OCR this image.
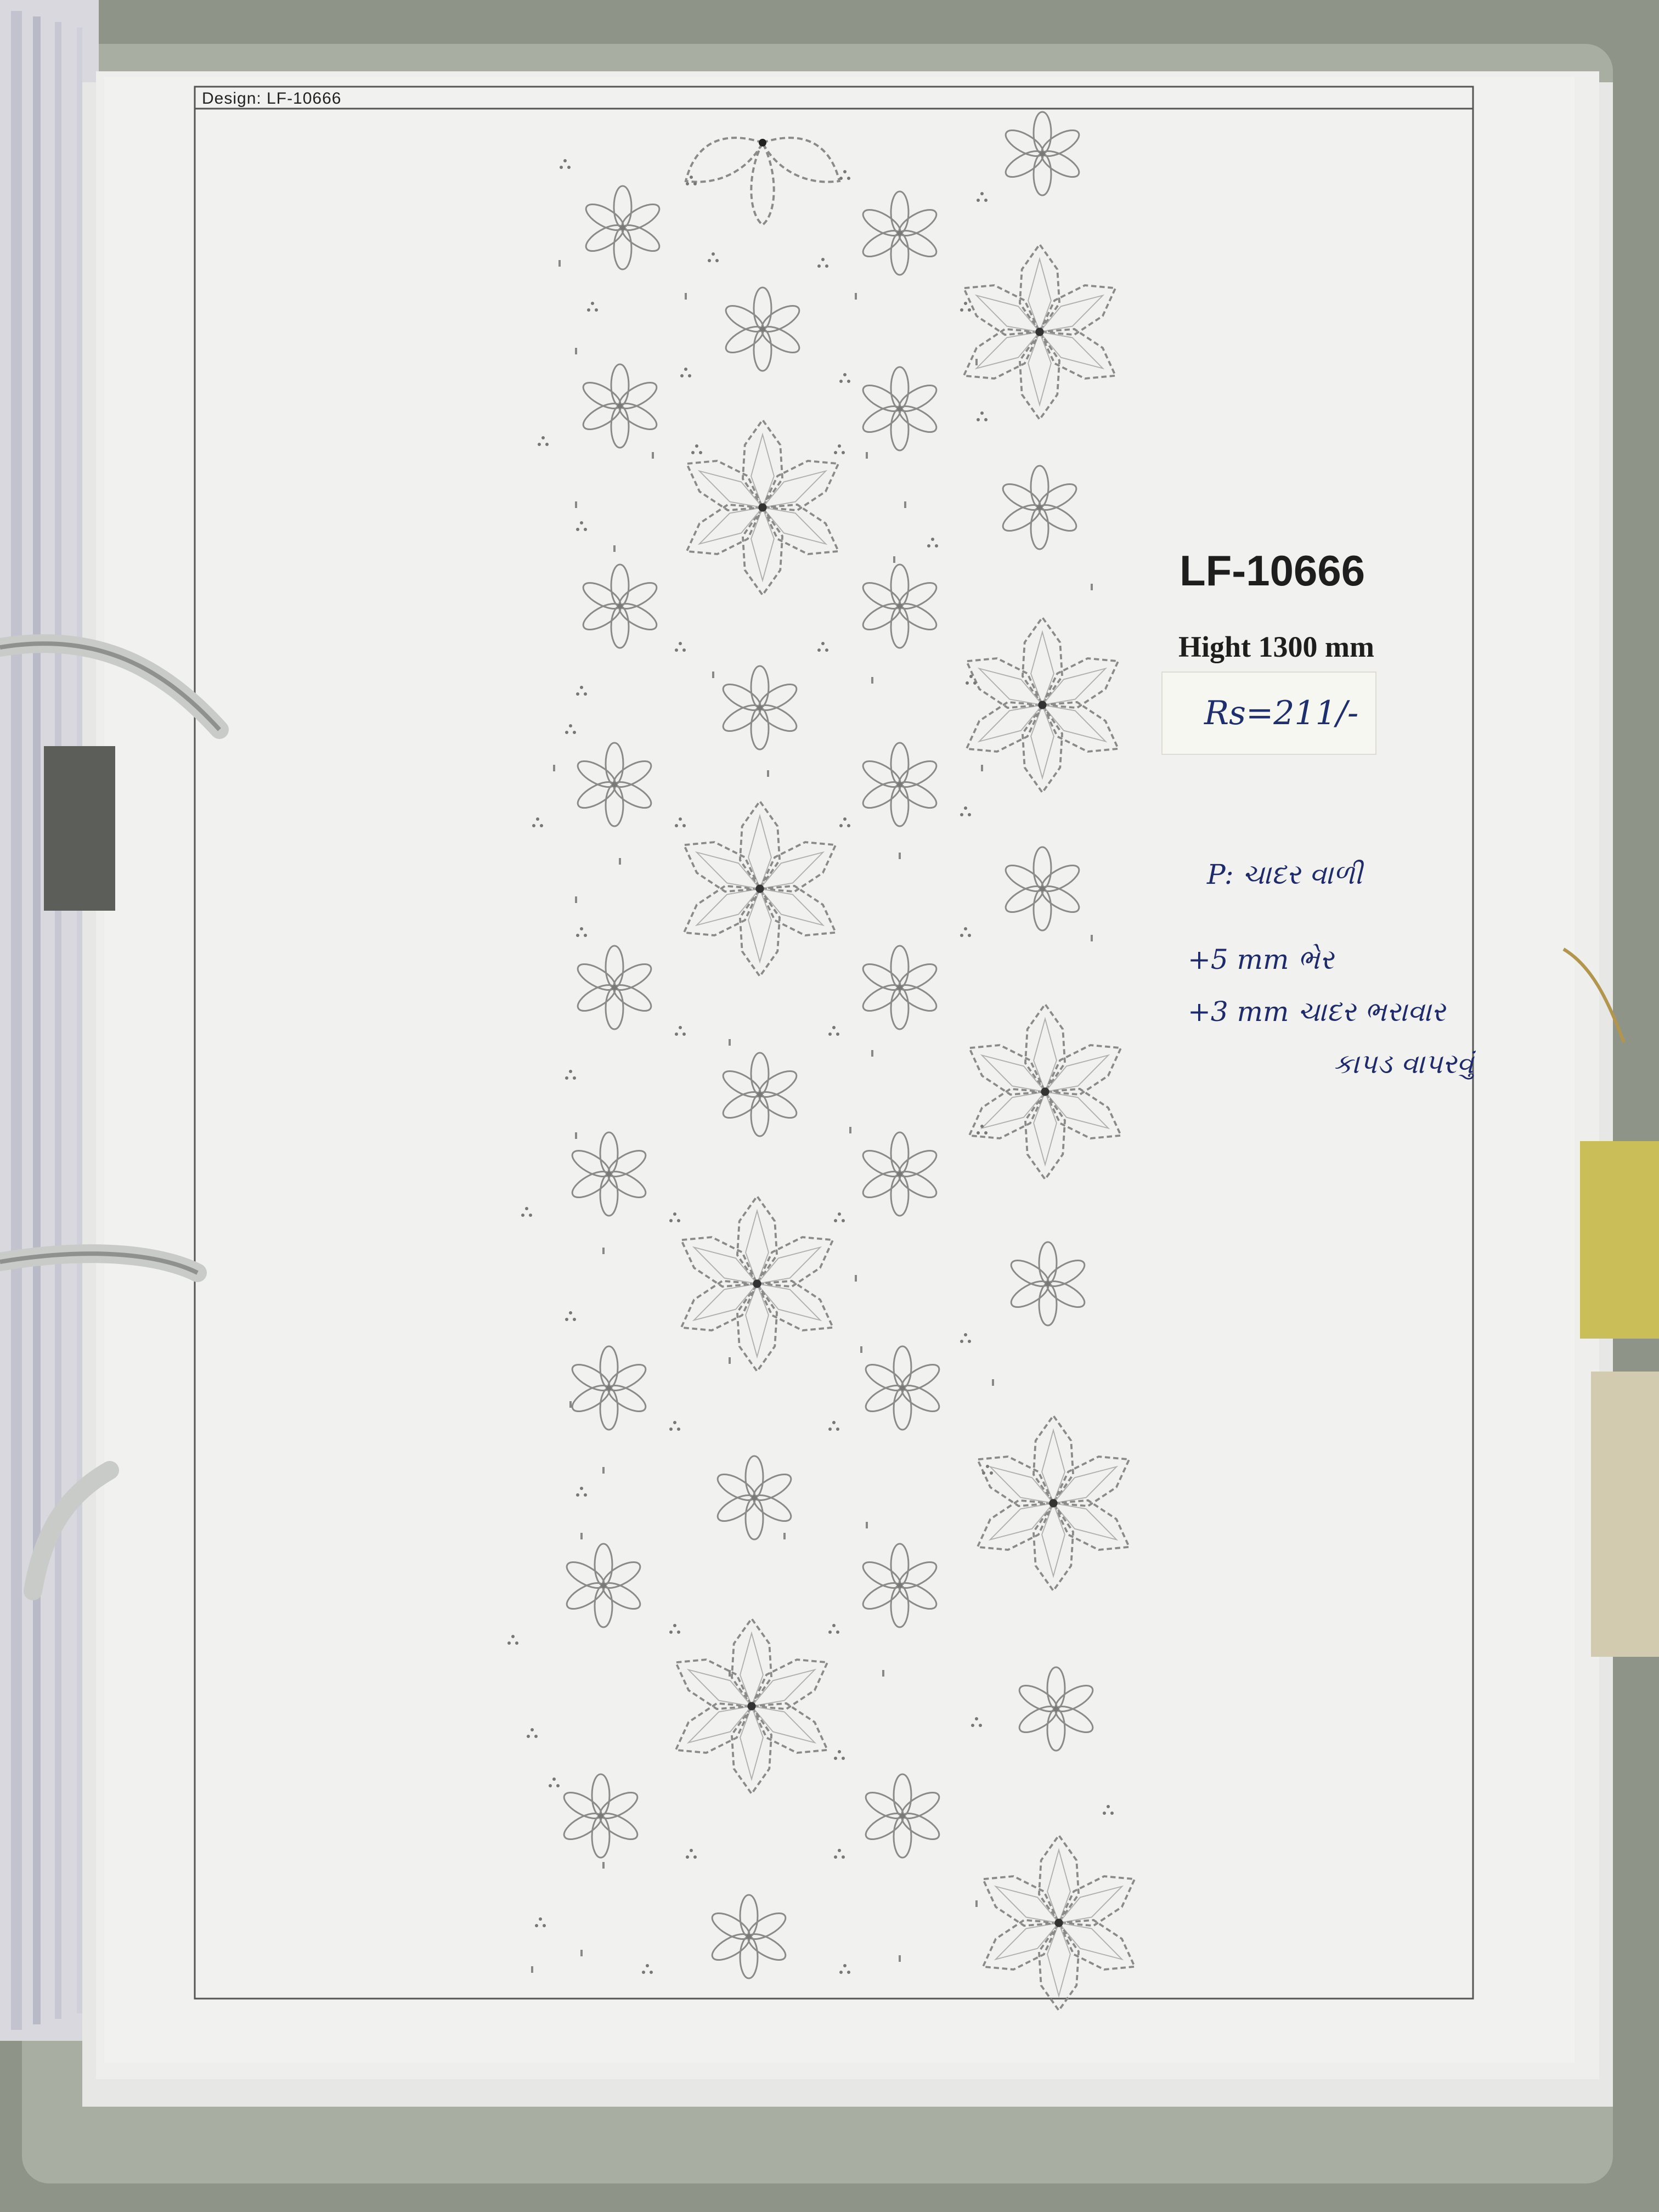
Design: LF-10666
LF-10666
Hight 1300 mm
Rs=211/-
P: ચાદર વાળી
+5 mm ભેર
+3 mm ચાદર ભરાવાર
કાપડ વાપરવું
